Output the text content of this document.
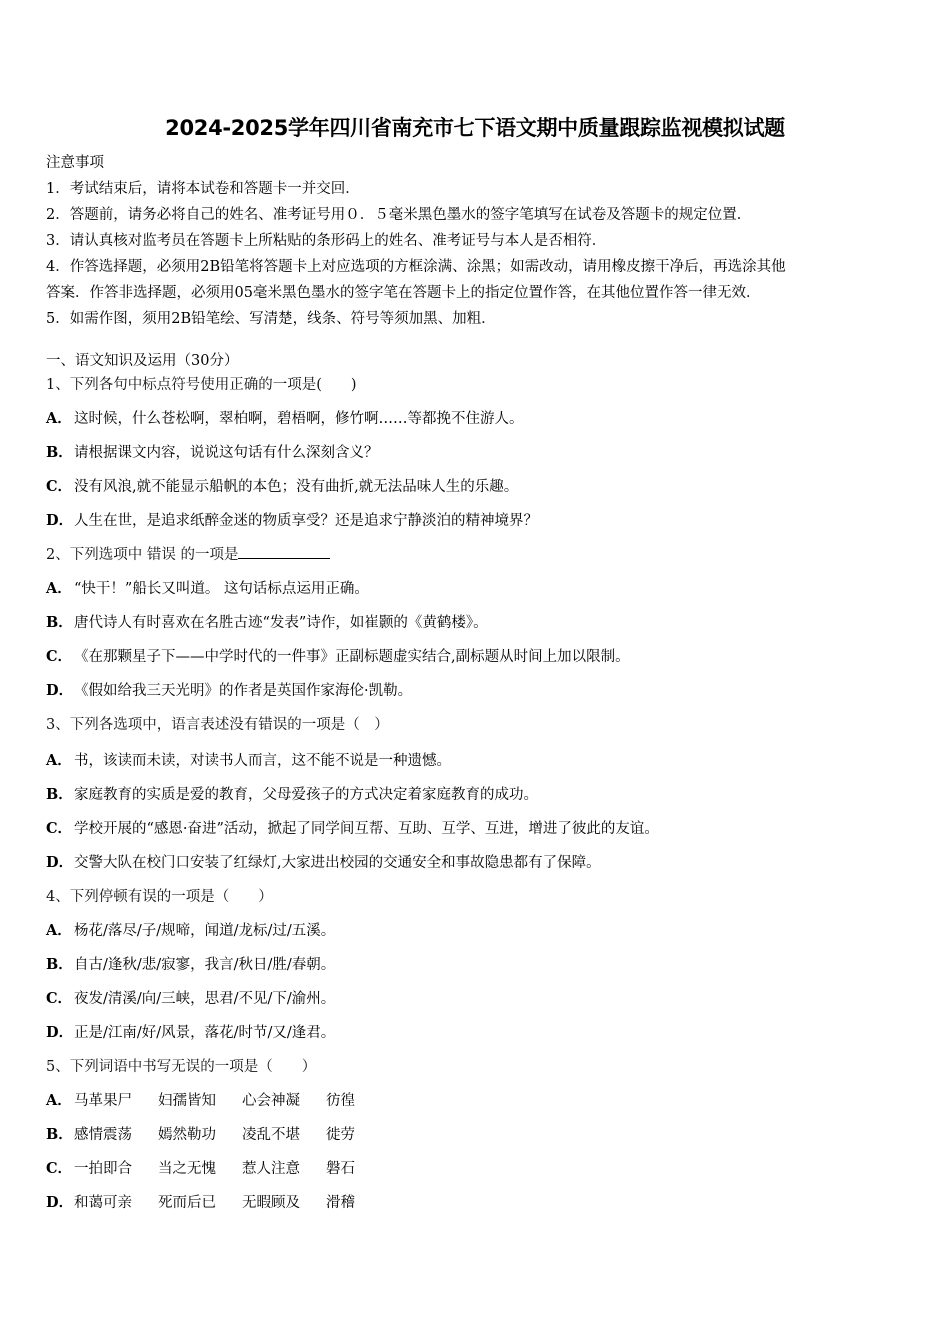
2024-2025学年四川省南充市七下语文期中质量跟踪监视模拟试题
注意事项
1．考试结束后，请将本试卷和答题卡一并交回．
2．答题前，请务必将自己的姓名、准考证号用０．５毫米黑色墨水的签字笔填写在试卷及答题卡的规定位置．
3．请认真核对监考员在答题卡上所粘贴的条形码上的姓名、准考证号与本人是否相符．
4．作答选择题，必须用2B铅笔将答题卡上对应选项的方框涂满、涂黑；如需改动，请用橡皮擦干净后，再选涂其他
答案．作答非选择题，必须用05毫米黑色墨水的签字笔在答题卡上的指定位置作答，在其他位置作答一律无效．
5．如需作图，须用2B铅笔绘、写清楚，线条、符号等须加黑、加粗．
一、语文知识及运用（30分）
1、下列各句中标点符号使用正确的一项是(　　)
A． 这时候，什么苍松啊，翠柏啊，碧梧啊，修竹啊……等都挽不住游人。
B．请根据课文内容，说说这句话有什么深刻含义？
C． 没有风浪,就不能显示船帆的本色；没有曲折,就无法品味人生的乐趣。
D．人生在世，是追求纸醉金迷的物质享受？还是追求宁静淡泊的精神境界？
2、下列选项中 错误 的一项是
A． “快干！”船长又叫道。 这句话标点运用正确。
B．唐代诗人有时喜欢在名胜古迹“发表”诗作，如崔颢的《黄鹤楼》。
C． 《在那颗星子下——中学时代的一件事》正副标题虚实结合,副标题从时间上加以限制。
D．《假如给我三天光明》的作者是英国作家海伦·凯勒。
3、下列各选项中，语言表述没有错误的一项是（　）
A． 书，该读而未读，对读书人而言，这不能不说是一种遗憾。
B．家庭教育的实质是爱的教育，父母爱孩子的方式决定着家庭教育的成功。
C． 学校开展的“感恩·奋进”活动，掀起了同学间互帮、互助、互学、互进，增进了彼此的友谊。
D．交警大队在校门口安装了红绿灯,大家进出校园的交通安全和事故隐患都有了保障。
4、下列停顿有误的一项是（　　）
A． 杨花/落尽/子/规啼，闻道/龙标/过/五溪。
B．自古/逢秋/悲/寂寥，我言/秋日/胜/春朝。
C． 夜发/清溪/向/三峡，思君/不见/下/渝州。
D．正是/江南/好/风景，落花/时节/又/逢君。
5、下列词语中书写无误的一项是（　　）
A． 马革果尸 妇孺皆知 心会神凝 彷徨
B．感情震荡 嫣然勒功 凌乱不堪 徙劳
C． 一拍即合 当之无愧 惹人注意 磐石
D．和蔼可亲 死而后已 无暇顾及 滑稽
